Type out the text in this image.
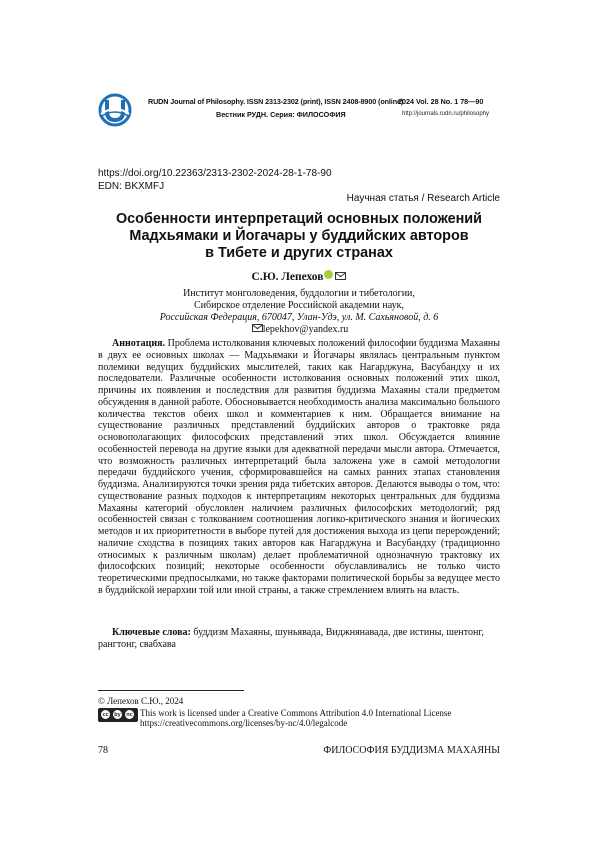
RUDN Journal of Philosophy. ISSN 2313-2302 (print), ISSN 2408-8900 (online)
Вестник РУДН. Серия: ФИЛОСОФИЯ
2024 Vol. 28 No. 1 78—90
http://journals.rudn.ru/philosophy
https://doi.org/10.22363/2313-2302-2024-28-1-78-90
EDN: BKXMFJ
Научная статья / Research Article
Особенности интерпретаций основных положений
Мадхьямаки и Йогачары у буддийских авторов
в Тибете и других странах
С.Ю. Лепехов
Институт монголоведения, буддологии и тибетологии,
Сибирское отделение Российской академии наук,
Российская Федерация, 670047, Улан-Удэ, ул. М. Сахьяновой, д. 6
lepekhov@yandex.ru
Аннотация. Проблема истолкования ключевых положений философии буддизма Махаяны в двух ее основных школах — Мадхьямаки и Йогачары являлась центральным пунктом полемики ведущих буддийских мыслителей, таких как Нагарджуна, Васубандху и их последователи. Различные особенности истолкования основных положений этих школ, причины их появления и последствия для развития буддизма Махаяны стали предметом обсуждения в данной работе. Обосновывается необходимость анализа максимально большого количества текстов обеих школ и комментариев к ним. Обращается внимание на существование различных представлений буддийских авторов о трактовке ряда основополагающих философских представлений этих школ. Обсуждается влияние особенностей перевода на другие языки для адекватной передачи мысли автора. Отмечается, что возможность различных интерпретаций была заложена уже в самой методологии передачи буддийского учения, сформировавшейся на самых ранних этапах становления буддизма. Анализируются точки зрения ряда тибетских авторов. Делаются выводы о том, что: существование разных подходов к интерпретациям некоторых центральных для буддизма Махаяны категорий обусловлен наличием различных философских методологий; ряд особенностей связан с толкованием соотношения логико-критического знания и йогических методов и их приоритетности в выборе путей для достижения выхода из цепи перерождений; наличие сходства в позициях таких авторов как Нагарджуна и Васубандху (традиционно относимых к различным школам) делает проблематичной однозначную трактовку их философских позиций; некоторые особенности обуславливались не только чисто теоретическими предпосылками, но также факторами политической борьбы за ведущее место в буддийской иерархии той или иной страны, а также стремлением влиять на власть.
Ключевые слова: буддизм Махаяны, шуньявада, Виджнянавада, две истины, шентонг, рангтонг, свабхава
© Лепехов С.Ю., 2024
cc	by	nc This work is licensed under a Creative Commons Attribution 4.0 International License
https://creativecommons.org/licenses/by-nc/4.0/legalcode
78	ФИЛОСОФИЯ БУДДИЗМА МАХАЯНЫ
